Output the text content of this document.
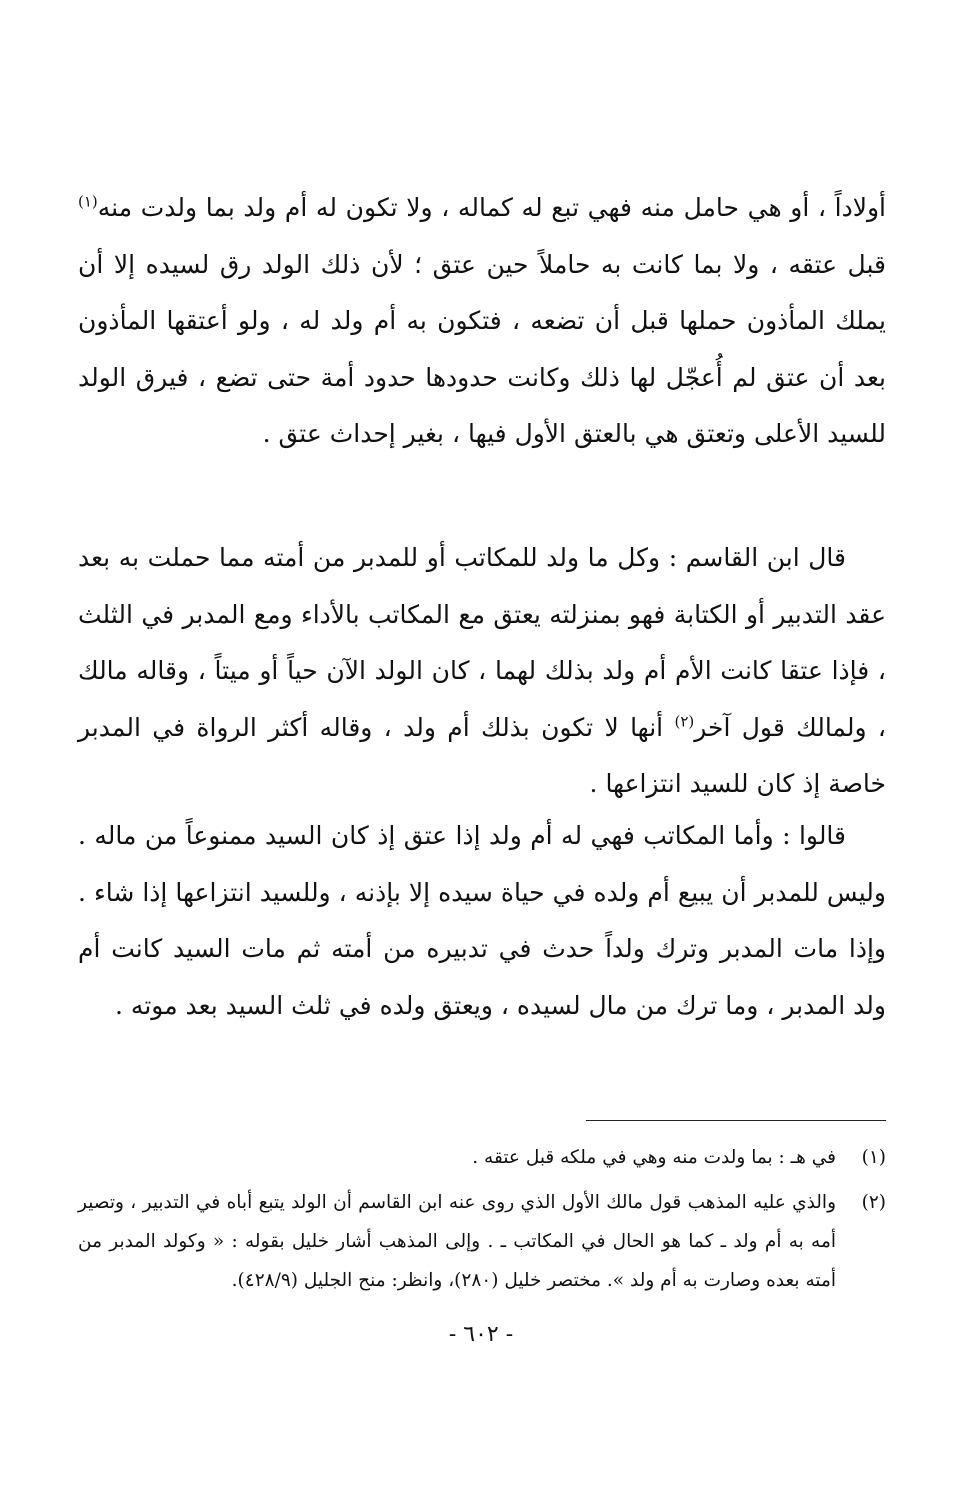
أولاداً ، أو هي حامل منه فهي تبع له كماله ، ولا تكون له أم ولد بما ولدت منه$^{(١)}$ قبل عتقه ، ولا بما كانت به حاملاً حين عتق ؛ لأن ذلك الولد رق لسيده إلا أن يملك المأذون حملها قبل أن تضعه ، فتكون به أم ولد له ، ولو أعتقها المأذون بعد أن عتق لم أُعجّل لها ذلك وكانت حدودها حدود أمة حتى تضع ، فيرق الولد للسيد الأعلى وتعتق هي بالعتق الأول فيها ، بغير إحداث عتق .

قال ابن القاسم : وكل ما ولد للمكاتب أو للمدبر من أمته مما حملت به بعد عقد التدبير أو الكتابة فهو بمنزلته يعتق مع المكاتب بالأداء ومع المدبر في الثلث ، فإذا عتقا كانت الأم أم ولد بذلك لهما ، كان الولد الآن حياً أو ميتاً ، وقاله مالك ، ولمالك قول آخر$^{(٢)}$ أنها لا تكون بذلك أم ولد ، وقاله أكثر الرواة في المدبر خاصة إذ كان للسيد انتزاعها .

قالوا : وأما المكاتب فهي له أم ولد إذا عتق إذ كان السيد ممنوعاً من ماله . وليس للمدبر أن يبيع أم ولده في حياة سيده إلا بإذنه ، وللسيد انتزاعها إذا شاء . وإذا مات المدبر وترك ولداً حدث في تدبيره من أمته ثم مات السيد كانت أم ولد المدبر ، وما ترك من مال لسيده ، ويعتق ولده في ثلث السيد بعد موته .

(١)
في هـ : بما ولدت منه وهي في ملكه قبل عتقه .

(٢)
والذي عليه المذهب قول مالك الأول الذي روى عنه ابن القاسم أن الولد يتبع أباه في التدبير ، وتصير أمه به أم ولد ـ كما هو الحال في المكاتب ـ . وإلى المذهب أشار خليل بقوله : « وكولد المدبر من أمته بعده وصارت به أم ولد ». مختصر خليل (٢٨٠)، وانظر: منح الجليل (٤٢٨/٩).

- ٦٠٢ -
